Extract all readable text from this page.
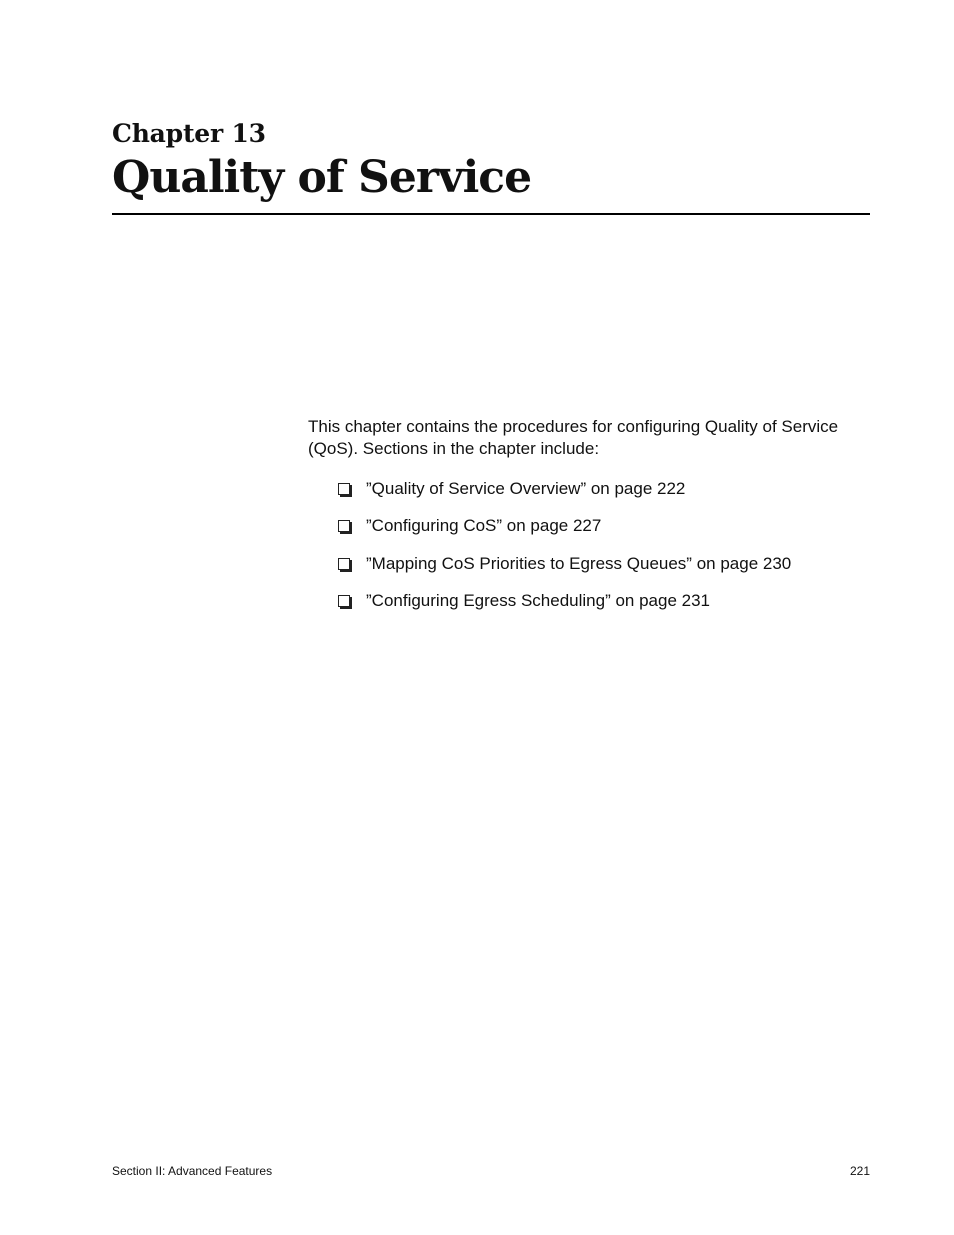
Chapter 13
Quality of Service

This chapter contains the procedures for configuring Quality of Service (QoS). Sections in the chapter include:

”Quality of Service Overview” on page 222
”Configuring CoS” on page 227
”Mapping CoS Priorities to Egress Queues” on page 230
”Configuring Egress Scheduling” on page 231
Section II: Advanced Features	221
